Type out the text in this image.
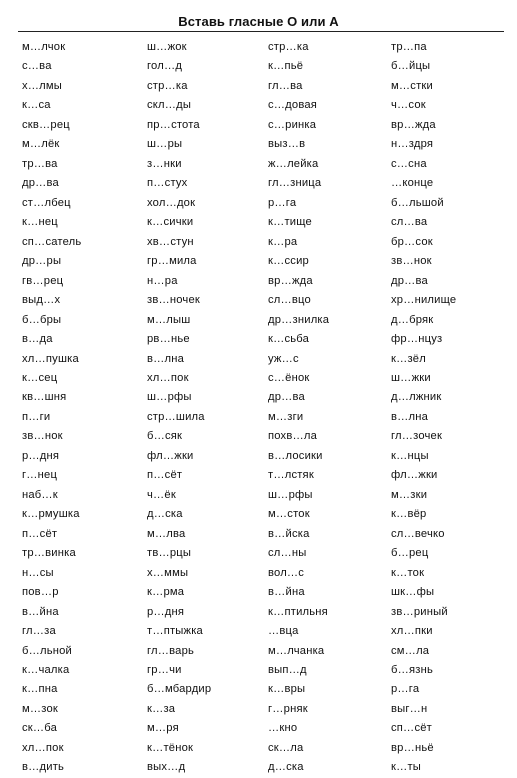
Вставь гласные О или А
м…лчок
с…ва
х…лмы
к…са
скв…рец
м…лёк
тр…ва
др…ва
ст…лбец
к…нец
сп…сатель
др…ры
гв…рец
выд…х
б…бры
в…да
хл…пушка
к…сец
кв…шня
п…ги
зв…нок
р…дня
г…нец
наб…к
к…рмушка
п…сёт
тр…винка
н…сы
пов…р
в…йна
гл…за
б…льной
к…чалка
к…пна
м…зок
ск…ба
хл…пок
в…дить
ш…жок
гол…д
стр…ка
скл…ды
пр…стота
ш…ры
з…нки
п…стух
хол…док
к…сички
хв…стун
гр…мила
н…ра
зв…ночек
м…лыш
рв…нье
в…лна
хл…пок
ш…рфы
стр…шила
б…сяк
фл…жки
п…сёт
ч…ёк
д…ска
м…лва
тв…рцы
х…ммы
к…рма
р…дня
т…птыжка
гл…варь
гр…чи
б…мбардир
к…за
м…ря
к…тёнок
вых…д
стр…ка
к…пьё
гл…ва
с…довая
с…ринка
выз…в
ж…лейка
гл…зница
р…га
к…тище
к…ра
к…ссир
вр…жда
сл…вцо
др…знилка
к…сьба
уж…с
с…ёнок
др…ва
м…зги
похв…ла
в…лосики
т…лстяк
ш…рфы
м…сток
в…йска
сл…ны
вол…с
в…йна
к…птильня
…вца
м…лчанка
вып…д
к…вры
г…рняк
…кно
ск…ла
д…ска
тр…па
б…йцы
м…стки
ч…сок
вр…жда
н…здря
с…сна
…конце
б…льшой
сл…ва
бр…сок
зв…нок
др…ва
хр…нилище
д…бряк
фр…нцуз
к…зёл
ш…жки
д…лжник
в…лна
гл…зочек
к…нцы
фл…жки
м…зки
к…вёр
сл…вечко
б…рец
к…ток
шк…фы
зв…риный
хл…пки
см…ла
б…язнь
р…га
выг…н
сп…сёт
вр…ньё
к…ты
